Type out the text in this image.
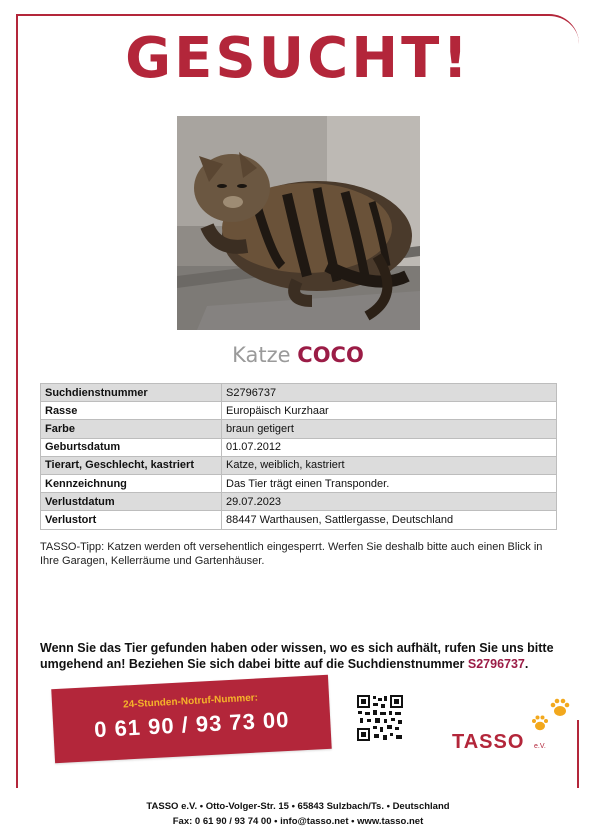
GESUCHT!
Katze COCO
Suchdienstnummer	S2796737
Rasse	Europäisch Kurzhaar
Farbe	braun getigert
Geburtsdatum	01.07.2012
Tierart, Geschlecht, kastriert	Katze, weiblich, kastriert
Kennzeichnung	Das Tier trägt einen Transponder.
Verlustdatum	29.07.2023
Verlustort	88447 Warthausen, Sattlergasse, Deutschland

TASSO-Tipp: Katzen werden oft versehentlich eingesperrt. Werfen Sie deshalb bitte auch einen Blick in Ihre Garagen, Kellerräume und Gartenhäuser.

Wenn Sie das Tier gefunden haben oder wissen, wo es sich aufhält, rufen Sie uns bitte umgehend an! Beziehen Sie sich dabei bitte auf die Suchdienstnummer S2796737.

24-Stunden-Notruf-Nummer:
0 61 90 / 93 73 00	TASSO e.V.
TASSO e.V. • Otto-Volger-Str. 15 • 65843 Sulzbach/Ts. • Deutschland
Fax: 0 61 90 / 93 74 00 • info@tasso.net • www.tasso.net
